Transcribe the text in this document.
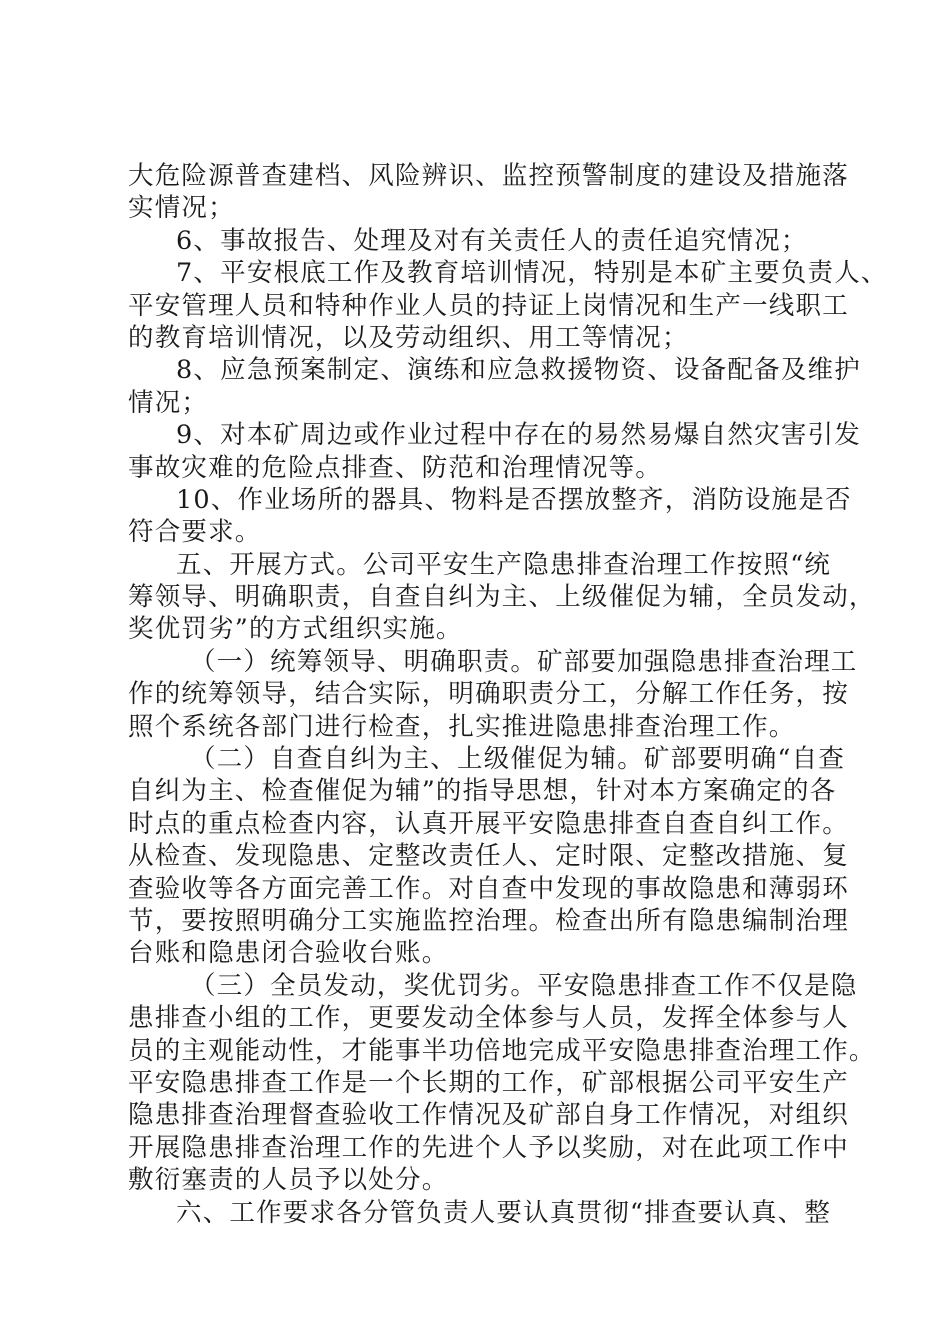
大危险源普查建档、风险辨识、监控预警制度的建设及措施落
实情况；
6、事故报告、处理及对有关责任人的责任追究情况；
7、平安根底工作及教育培训情况，特别是本矿主要负责人、
平安管理人员和特种作业人员的持证上岗情况和生产一线职工
的教育培训情况，以及劳动组织、用工等情况；
8、应急预案制定、演练和应急救援物资、设备配备及维护
情况；
9、对本矿周边或作业过程中存在的易然易爆自然灾害引发
事故灾难的危险点排查、防范和治理情况等。
10、作业场所的器具、物料是否摆放整齐，消防设施是否
符合要求。
五、开展方式。公司平安生产隐患排查治理工作按照“统
筹领导、明确职责，自查自纠为主、上级催促为辅，全员发动，
奖优罚劣”的方式组织实施。
（一）统筹领导、明确职责。矿部要加强隐患排查治理工
作的统筹领导，结合实际，明确职责分工，分解工作任务，按
照个系统各部门进行检查，扎实推进隐患排查治理工作。
（二）自查自纠为主、上级催促为辅。矿部要明确“自查
自纠为主、检查催促为辅”的指导思想，针对本方案确定的各
时点的重点检查内容，认真开展平安隐患排查自查自纠工作。
从检查、发现隐患、定整改责任人、定时限、定整改措施、复
查验收等各方面完善工作。对自查中发现的事故隐患和薄弱环
节，要按照明确分工实施监控治理。检查出所有隐患编制治理
台账和隐患闭合验收台账。
（三）全员发动，奖优罚劣。平安隐患排查工作不仅是隐
患排查小组的工作，更要发动全体参与人员，发挥全体参与人
员的主观能动性，才能事半功倍地完成平安隐患排查治理工作。
平安隐患排查工作是一个长期的工作，矿部根据公司平安生产
隐患排查治理督查验收工作情况及矿部自身工作情况，对组织
开展隐患排查治理工作的先进个人予以奖励，对在此项工作中
敷衍塞责的人员予以处分。
六、工作要求各分管负责人要认真贯彻“排查要认真、整
